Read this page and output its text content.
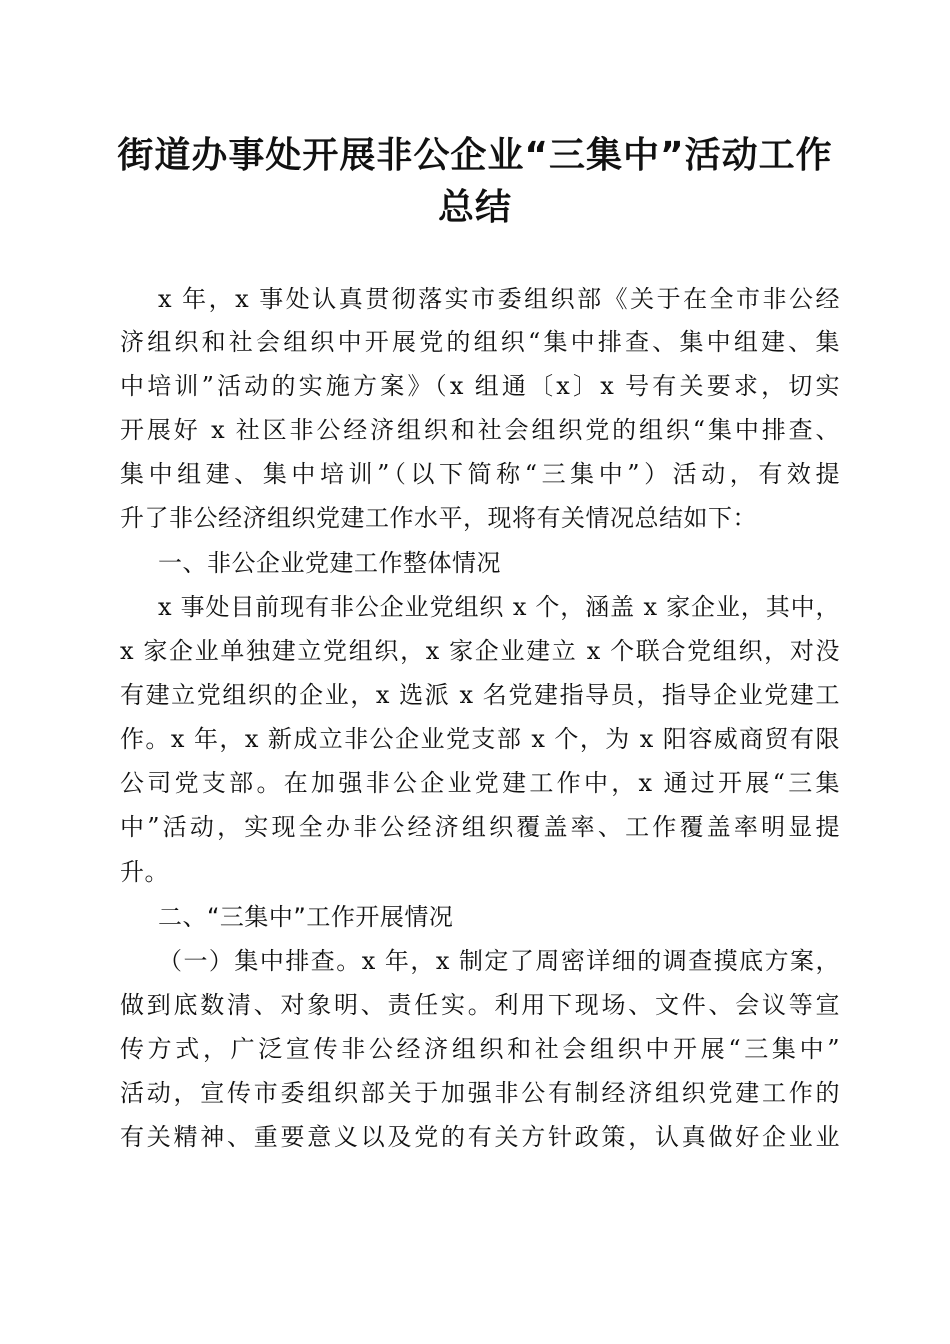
街道办事处开展非公企业“三集中”活动工作
总结
x 年，x 事处认真贯彻落实市委组织部《关于在全市非公经
济组织和社会组织中开展党的组织“集中排查、集中组建、集
中培训”活动的实施方案》（x 组通〔x〕x 号有关要求，切实
开展好 x 社区非公经济组织和社会组织党的组织“集中排查、
集中组建、集中培训”（以下简称“三集中”）活动，有效提
升了非公经济组织党建工作水平，现将有关情况总结如下：
一、非公企业党建工作整体情况
x 事处目前现有非公企业党组织 x 个，涵盖 x 家企业，其中，
x 家企业单独建立党组织，x 家企业建立 x 个联合党组织，对没
有建立党组织的企业，x 选派 x 名党建指导员，指导企业党建工
作。x 年，x 新成立非公企业党支部 x 个，为 x 阳容威商贸有限
公司党支部。在加强非公企业党建工作中，x 通过开展“三集
中”活动，实现全办非公经济组织覆盖率、工作覆盖率明显提
升。
二、“三集中”工作开展情况
（一）集中排查。x 年，x 制定了周密详细的调查摸底方案，
做到底数清、对象明、责任实。利用下现场、文件、会议等宣
传方式，广泛宣传非公经济组织和社会组织中开展“三集中”
活动，宣传市委组织部关于加强非公有制经济组织党建工作的
有关精神、重要意义以及党的有关方针政策，认真做好企业业
